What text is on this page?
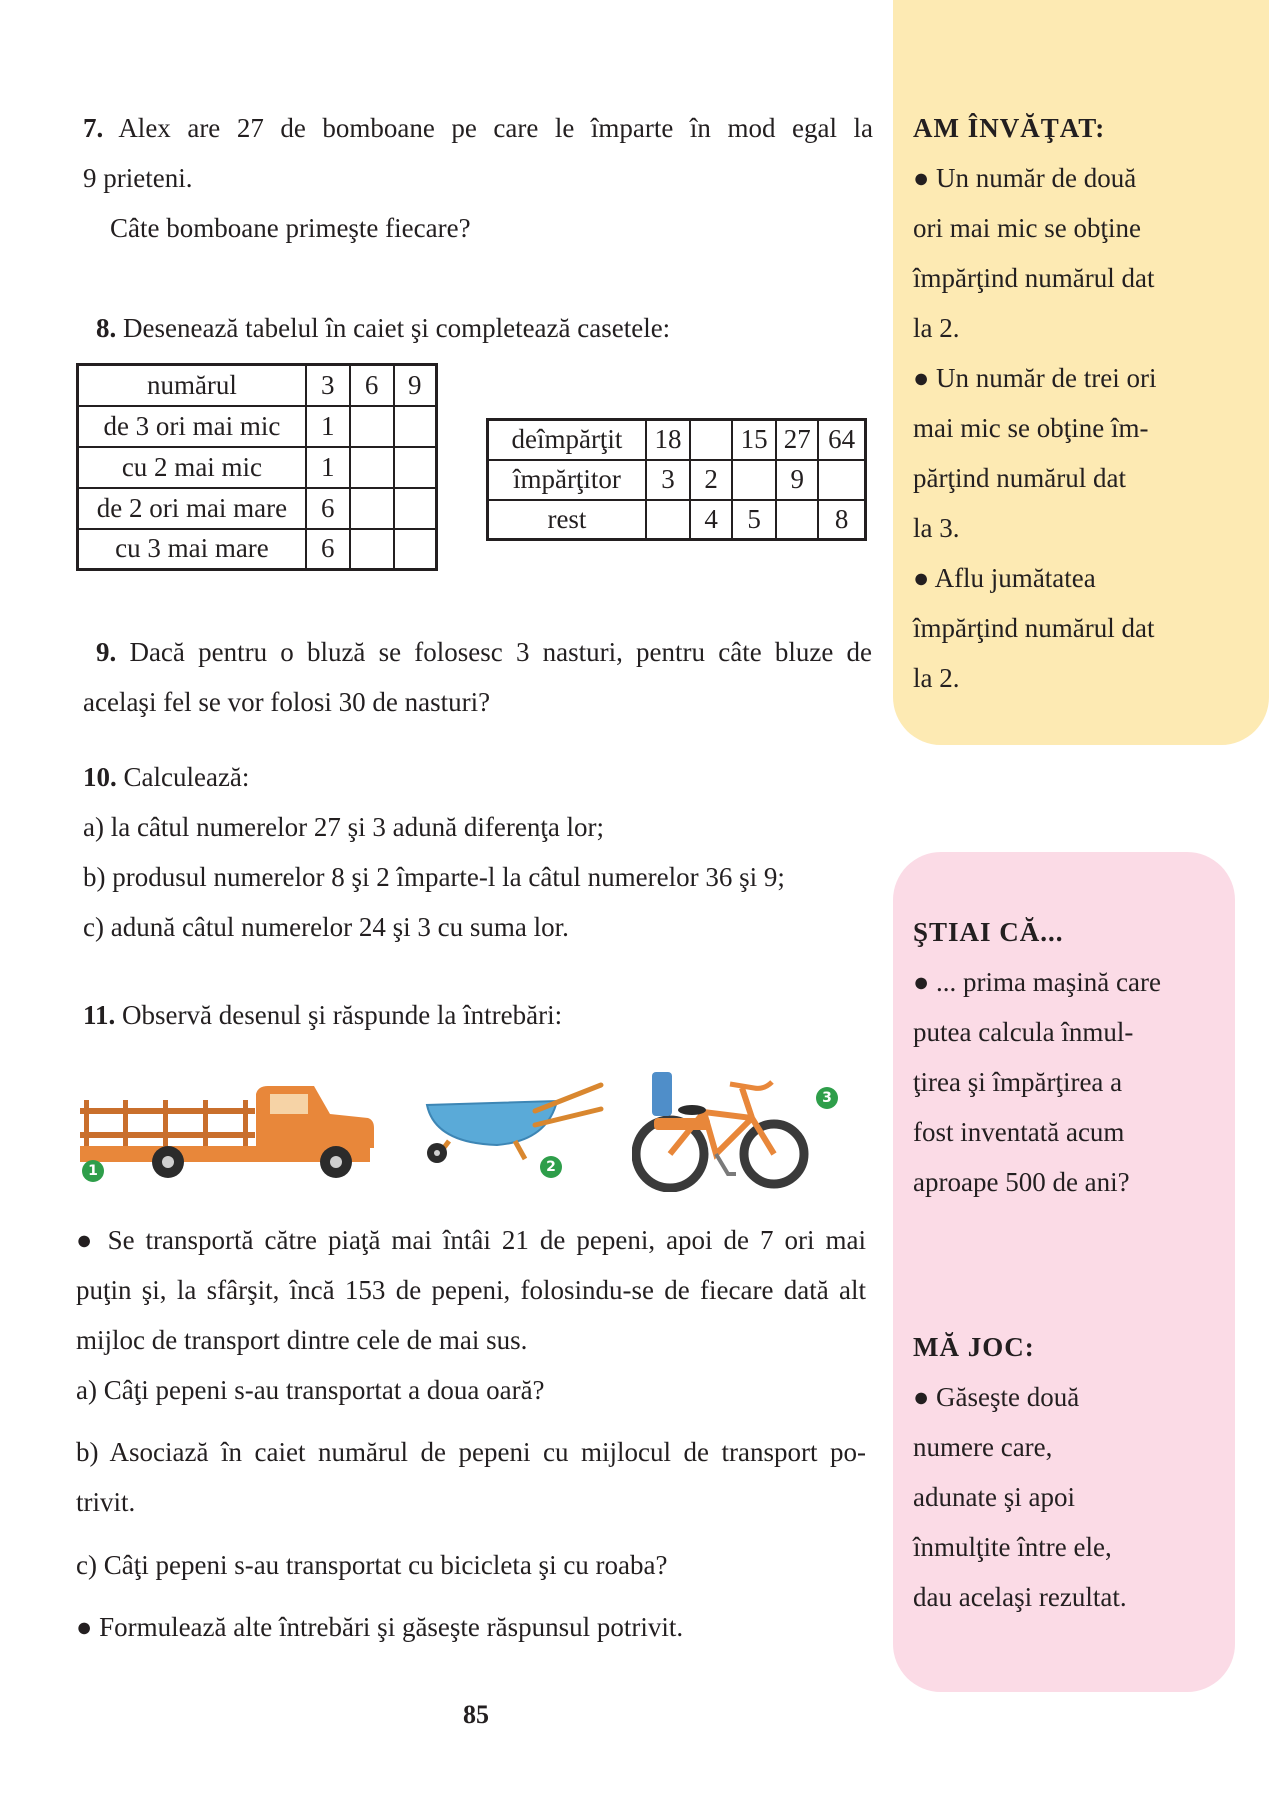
7. Alex are 27 de bomboane pe care le împarte în mod egal la
9 prieteni.
Câte bomboane primeşte fiecare?
8. Desenează tabelul în caiet şi completează casetele:
numărul	3	6	9
de 3 ori mai mic	1		
cu 2 mai mic	1		
de 2 ori mai mare	6		
cu 3 mai mare	6		
deîmpărţit	18		15	27	64
împărţitor	3	2		9	
rest		4	5		8
9. Dacă pentru o bluză se folosesc 3 nasturi, pentru câte bluze de
acelaşi fel se vor folosi 30 de nasturi?
10. Calculează:
a) la câtul numerelor 27 şi 3 adună diferenţa lor;
b) produsul numerelor 8 şi 2 împarte-l la câtul numerelor 36 şi 9;
c) adună câtul numerelor 24 şi 3 cu suma lor.
11. Observă desenul şi răspunde la întrebări:
1	2
3
● Se transportă către piaţă mai întâi 21 de pepeni, apoi de 7 ori mai
puţin şi, la sfârşit, încă 153 de pepeni, folosindu-se de fiecare dată alt
mijloc de transport dintre cele de mai sus.
a) Câţi pepeni s-au transportat a doua oară?
b) Asociază în caiet numărul de pepeni cu mijlocul de transport po-
trivit.
c) Câţi pepeni s-au transportat cu bicicleta şi cu roaba?
● Formulează alte întrebări şi găseşte răspunsul potrivit.
AM ÎNVĂŢAT:
● Un număr de două
ori mai mic se obţine
împărţind numărul dat
la 2.
● Un număr de trei ori
mai mic se obţine îm-
părţind numărul dat
la 3.
● Aflu jumătatea
împărţind numărul dat
la 2.
ŞTIAI CĂ...
● ... prima maşină care
putea calcula înmul-
ţirea şi împărţirea a
fost inventată acum
aproape 500 de ani?
MĂ JOC:
● Găseşte două
numere care,
adunate şi apoi
înmulţite între ele,
dau acelaşi rezultat.
85
